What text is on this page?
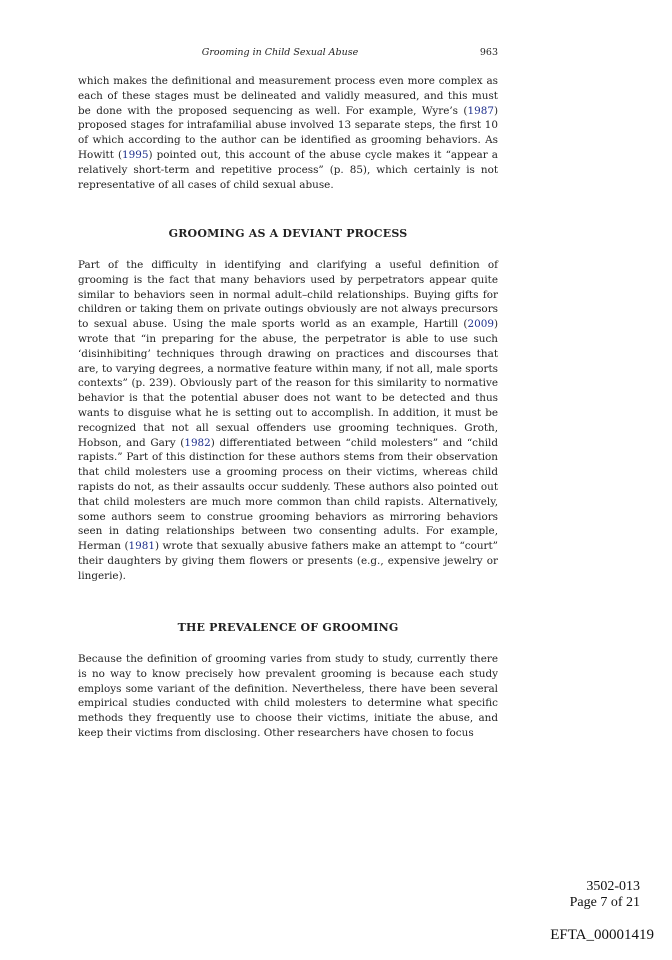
Grooming in Child Sexual Abuse	963

which makes the definitional and measurement process even more complex as each of these stages must be delineated and validly measured, and this must be done with the proposed sequencing as well. For example, Wyre’s (1987) proposed stages for intrafamilial abuse involved 13 separate steps, the first 10 of which according to the author can be identified as grooming behaviors. As Howitt (1995) pointed out, this account of the abuse cycle makes it “appear a relatively short-term and repetitive process” (p. 85), which certainly is not representative of all cases of child sexual abuse.

GROOMING AS A DEVIANT PROCESS

Part of the difficulty in identifying and clarifying a useful definition of grooming is the fact that many behaviors used by perpetrators appear quite similar to behaviors seen in normal adult–child relationships. Buying gifts for children or taking them on private outings obviously are not always precursors to sexual abuse. Using the male sports world as an example, Hartill (2009) wrote that “in preparing for the abuse, the perpetrator is able to use such ‘disinhibiting’ techniques through drawing on practices and discourses that are, to varying degrees, a normative feature within many, if not all, male sports contexts” (p. 239). Obviously part of the reason for this similarity to normative behavior is that the potential abuser does not want to be detected and thus wants to disguise what he is setting out to accomplish. In addition, it must be recognized that not all sexual offenders use grooming techniques. Groth, Hobson, and Gary (1982) differentiated between “child molesters” and “child rapists.” Part of this distinction for these authors stems from their observation that child molesters use a grooming process on their victims, whereas child rapists do not, as their assaults occur suddenly. These authors also pointed out that child molesters are much more common than child rapists. Alternatively, some authors seem to construe grooming behaviors as mirroring behaviors seen in dating relationships between two consenting adults. For example, Herman (1981) wrote that sexually abusive fathers make an attempt to “court” their daughters by giving them flowers or presents (e.g., expensive jewelry or lingerie).

THE PREVALENCE OF GROOMING

Because the definition of grooming varies from study to study, currently there is no way to know precisely how prevalent grooming is because each study employs some variant of the definition. Nevertheless, there have been several empirical studies conducted with child molesters to determine what specific methods they frequently use to choose their victims, initiate the abuse, and keep their victims from disclosing. Other researchers have chosen to focus

3502-013
Page 7 of 21
EFTA_00001419
